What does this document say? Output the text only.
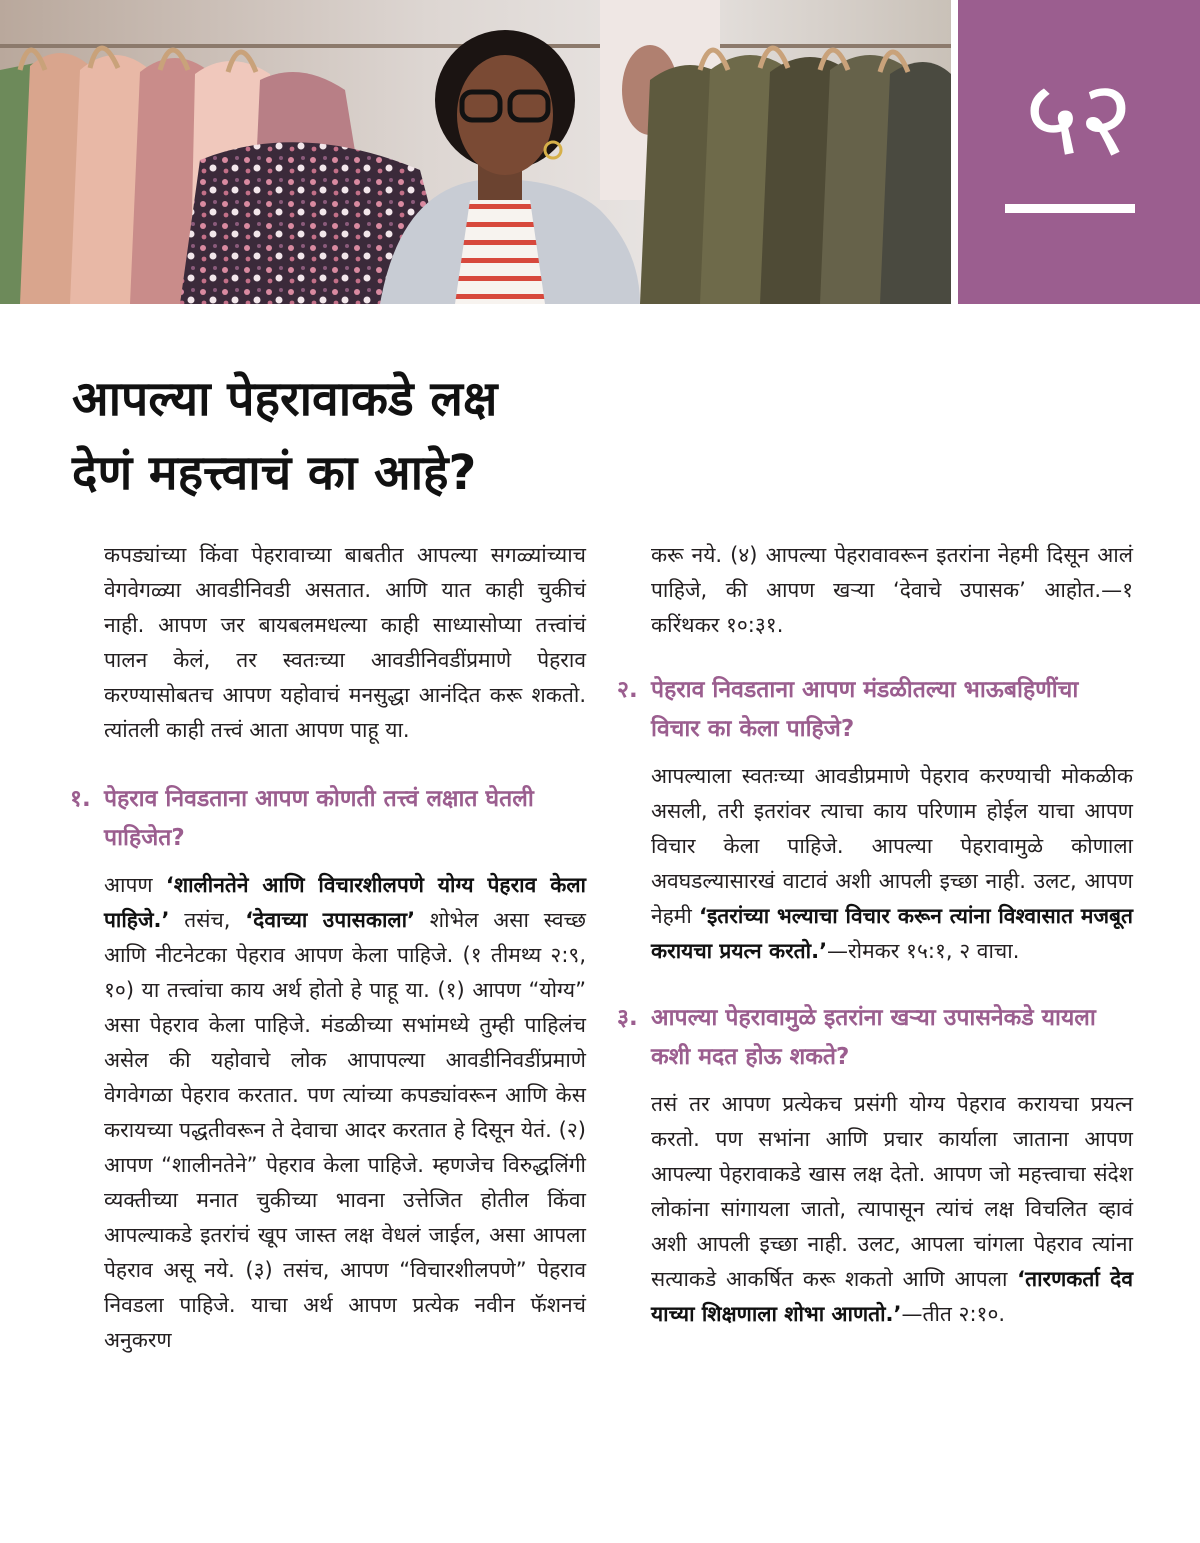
५२
आपल्या पेहरावाकडे लक्ष
देणं महत्त्वाचं का आहे?

कपड्यांच्या किंवा पेहरावाच्या बाबतीत आपल्या सगळ्यांच्याच वेगवेगळ्या आवडीनिवडी असतात. आणि यात काही चुकीचं नाही. आपण जर बायबलमधल्या काही साध्यासोप्या तत्त्वांचं पालन केलं, तर स्वतःच्या आवडीनिवडींप्रमाणे पेहराव करण्यासोबतच आपण यहोवाचं मनसुद्धा आनंदित करू शकतो. त्यांतली काही तत्त्वं आता आपण पाहू या.

१. पेहराव निवडताना आपण कोणती तत्त्वं लक्षात घेतली पाहिजेत?

आपण ‘शालीनतेने आणि विचारशीलपणे योग्य पेहराव केला पाहिजे.’ तसंच, ‘देवाच्या उपासकाला’ शोभेल असा स्वच्छ आणि नीटनेटका पेहराव आपण केला पाहिजे. (१ तीमथ्य २:९, १०) या तत्त्वांचा काय अर्थ होतो हे पाहू या. (१) आपण “योग्य” असा पेहराव केला पाहिजे. मंडळीच्या सभांमध्ये तुम्ही पाहिलंच असेल की यहोवाचे लोक आपापल्या आवडीनिवडींप्रमाणे वेगवेगळा पेहराव करतात. पण त्यांच्या कपड्यांवरून आणि केस करायच्या पद्धतीवरून ते देवाचा आदर करतात हे दिसून येतं. (२) आपण “शालीनतेने” पेहराव केला पाहिजे. म्हणजेच विरुद्धलिंगी व्यक्तीच्या मनात चुकीच्या भावना उत्तेजित होतील किंवा आपल्याकडे इतरांचं खूप जास्त लक्ष वेधलं जाईल, असा आपला पेहराव असू नये. (३) तसंच, आपण “विचारशीलपणे” पेहराव निवडला पाहिजे. याचा अर्थ आपण प्रत्येक नवीन फॅशनचं अनुकरण

करू नये. (४) आपल्या पेहरावावरून इतरांना नेहमी दिसून आलं पाहिजे, की आपण खऱ्या ‘देवाचे उपासक’ आहोत.—१ करिंथकर १०:३१.

२. पेहराव निवडताना आपण मंडळीतल्या भाऊबहिणींचा विचार का केला पाहिजे?

आपल्याला स्वतःच्या आवडीप्रमाणे पेहराव करण्याची मोकळीक असली, तरी इतरांवर त्याचा काय परिणाम होईल याचा आपण विचार केला पाहिजे. आपल्या पेहरावामुळे कोणाला अवघडल्यासारखं वाटावं अशी आपली इच्छा नाही. उलट, आपण नेहमी ‘इतरांच्या भल्याचा विचार करून त्यांना विश्वासात मजबूत करायचा प्रयत्न करतो.’—रोमकर १५:१, २ वाचा.

३. आपल्या पेहरावामुळे इतरांना खऱ्या उपासनेकडे यायला कशी मदत होऊ शकते?

तसं तर आपण प्रत्येकच प्रसंगी योग्य पेहराव करायचा प्रयत्न करतो. पण सभांना आणि प्रचार कार्याला जाताना आपण आपल्या पेहरावाकडे खास लक्ष देतो. आपण जो महत्त्वाचा संदेश लोकांना सांगायला जातो, त्यापासून त्यांचं लक्ष विचलित व्हावं अशी आपली इच्छा नाही. उलट, आपला चांगला पेहराव त्यांना सत्याकडे आकर्षित करू शकतो आणि आपला ‘तारणकर्ता देव याच्या शिक्षणाला शोभा आणतो.’—तीत २:१०.
